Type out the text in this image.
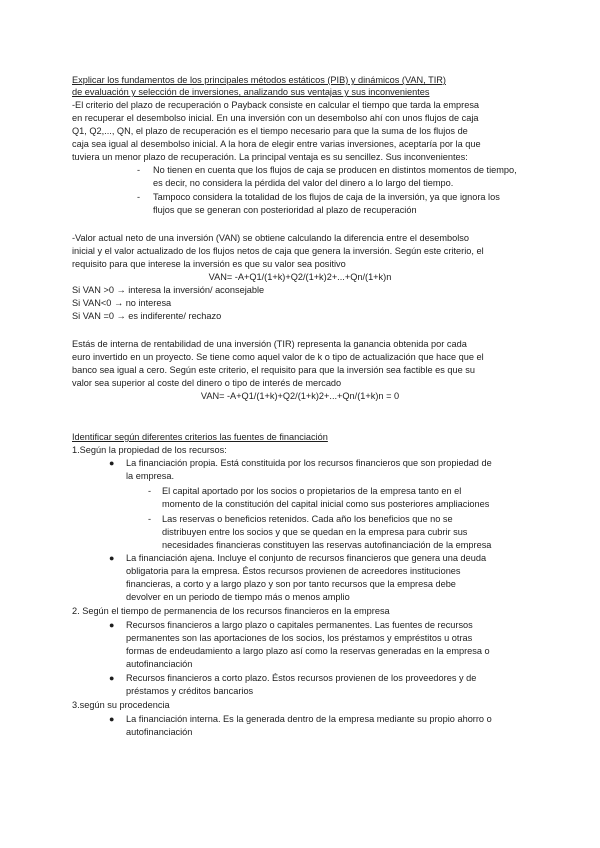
Explicar los fundamentos de los principales métodos estáticos (PIB) y dinámicos (VAN, TIR)
de evaluación y selección de inversiones, analizando sus ventajas y sus inconvenientes
-El criterio del plazo de recuperación o Payback consiste en calcular el tiempo que tarda la empresa
en recuperar el desembolso inicial. En una inversión con un desembolso ahí con unos flujos de caja
Q1, Q2,..., QN, el plazo de recuperación es el tiempo necesario para que la suma de los flujos de
caja sea igual al desembolso inicial. A la hora de elegir entre varias inversiones, aceptaría por la que
tuviera un menor plazo de recuperación. La principal ventaja es su sencillez. Sus inconvenientes:
- No tienen en cuenta que los flujos de caja se producen en distintos momentos de tiempo,
es decir, no considera la pérdida del valor del dinero a lo largo del tiempo.
- Tampoco considera la totalidad de los flujos de caja de la inversión, ya que ignora los
flujos que se generan con posterioridad al plazo de recuperación
-Valor actual neto de una inversión (VAN) se obtiene calculando la diferencia entre el desembolso
inicial y el valor actualizado de los flujos netos de caja que genera la inversión. Según este criterio, el
requisito para que interese la inversión es que su valor sea positivo
VAN= -A+Q1/(1+k)+Q2/(1+k)2+...+Qn/(1+k)n
Si VAN >0 → interesa la inversión/ aconsejable
Si VAN<0 → no interesa
Si VAN =0 → es indiferente/ rechazo
Estás de interna de rentabilidad de una inversión (TIR) representa la ganancia obtenida por cada
euro invertido en un proyecto. Se tiene como aquel valor de k o tipo de actualización que hace que el
banco sea igual a cero. Según este criterio, el requisito para que la inversión sea factible es que su
valor sea superior al coste del dinero o tipo de interés de mercado
VAN= -A+Q1/(1+k)+Q2/(1+k)2+...+Qn/(1+k)n = 0
Identificar según diferentes criterios las fuentes de financiación
1.Según la propiedad de los recursos:
● La financiación propia. Está constituida por los recursos financieros que son propiedad de
la empresa.
- El capital aportado por los socios o propietarios de la empresa tanto en el
momento de la constitución del capital inicial como sus posteriores ampliaciones
- Las reservas o beneficios retenidos. Cada año los beneficios que no se
distribuyen entre los socios y que se quedan en la empresa para cubrir sus
necesidades financieras constituyen las reservas autofinanciación de la empresa
● La financiación ajena. Incluye el conjunto de recursos financieros que genera una deuda
obligatoria para la empresa. Éstos recursos provienen de acreedores instituciones
financieras, a corto y a largo plazo y son por tanto recursos que la empresa debe
devolver en un periodo de tiempo más o menos amplio
2. Según el tiempo de permanencia de los recursos financieros en la empresa
● Recursos financieros a largo plazo o capitales permanentes. Las fuentes de recursos
permanentes son las aportaciones de los socios, los préstamos y empréstitos u otras
formas de endeudamiento a largo plazo así como la reservas generadas en la empresa o
autofinanciación
● Recursos financieros a corto plazo. Éstos recursos provienen de los proveedores y de
préstamos y créditos bancarios
3.según su procedencia
● La financiación interna. Es la generada dentro de la empresa mediante su propio ahorro o
autofinanciación
